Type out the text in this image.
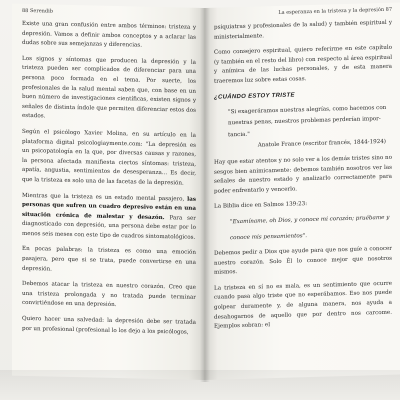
88 Serendib

Existe una gran confusión entre ambos términos: tristeza y depresión. Vamos a definir ambos conceptos y a aclarar las dudas sobre sus semejanzas y diferencias.

Los signos y síntomas que producen la depresión y la tristeza pueden ser complicados de diferenciar para una persona poco formada en el tema. Por suerte, los profesionales de la salud mental saben que, con base en un buen número de investigaciones científicas, existen signos y señales de distinta índole que permiten diferenciar estos dos estados.

Según el psicólogo Xavier Molina, en su artículo en la plataforma digital psicologiaymente.com: "La depresión es un psicopatología en la que, por diversas causas y razones, la persona afectada manifiesta ciertos síntomas: tristeza, apatía, angustia, sentimientos de desesperanza... Es decir, que la tristeza es solo una de las facetas de la depresión.

Mientras que la tristeza es un estado mental pasajero, las personas que sufren un cuadro depresivo están en una situación crónica de malestar y desazón. Para ser diagnosticado con depresión, una persona debe estar por lo menos seis meses con este tipo de cuadros sintomatológicos.

En pocas palabras: la tristeza es como una emoción pasajera, pero que si se trata, puede convertirse en una depresión.

Debemos atacar la tristeza en nuestro corazón. Creo que una tristeza prolongada y no tratada puede terminar convirtiéndose en una depresión.

Quiero hacer una salvedad: la depresión debe ser tratada por un profesional (profesional lo los dejo a los psicólogos,

La esperanza en la tristeza y la depresión 87

psiquiatras y profesionales de la salud) y también espiritual y ministerialmente.

Como consejero espiritual, quiero referirme en este capítulo (y también en el resto del libro) con respecto al área espiritual y anímica de las luchas personales, y de esta manera traeremos luz sobre estas cosas.

¿CUÁNDO ESTOY TRISTE
"Si exageráramos nuestras alegrías, como hacemos con
nuestras penas, nuestros problemas perderían impor-
tancia."
Anatole France (escritor francés, 1844-1924)

Hay que estar atentos y no solo ver a los demás tristes sino no sesgos bien animicamente: debemos también nosotros ver las señales de nuestro estado y analizarlo correctamente para poder enfrentarlo y vencerlo.

La Biblia dice en Salmos 139:23:

"Examíname, oh Dios, y conoce mi corazón; pruébame y
conoce mis pensamientos".

Debemos pedir a Dios que ayude para que nos guíe a conocer nuestro corazón. Solo Él lo conoce mejor que nosotros mismos.

La tristeza en sí no es mala, es un sentimiento que ocurre cuando pasa algo triste que no esperábamos. Eso nos puede golpear duramente y, de alguna manera, nos ayuda a desahogarnos de aquello que por dentro nos carcome. Ejemplos sobran: el
